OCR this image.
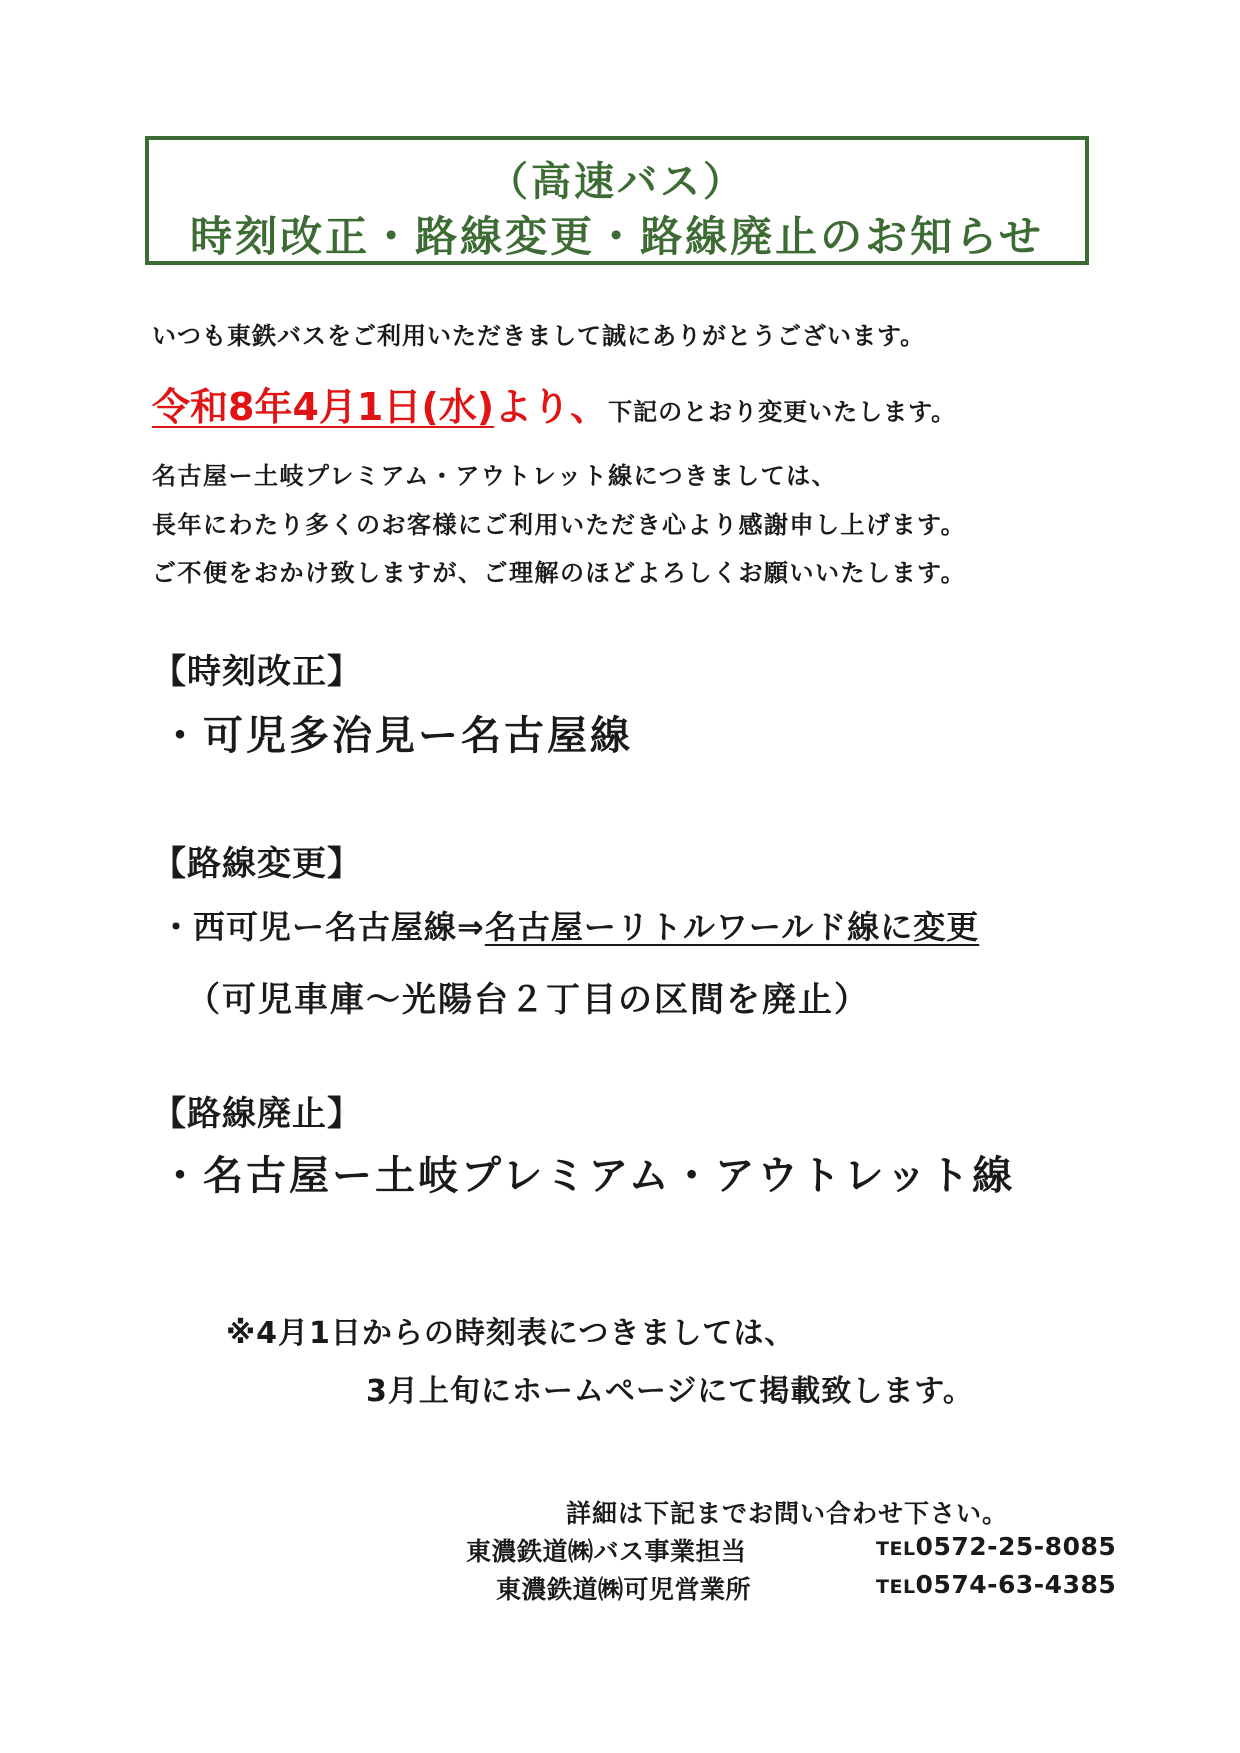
（高速バス）
時刻改正・路線変更・路線廃止のお知らせ
いつも東鉄バスをご利用いただきまして誠にありがとうございます。
令和8年4月1日(水)より、下記のとおり変更いたします。
名古屋ー土岐プレミアム・アウトレット線につきましては、
長年にわたり多くのお客様にご利用いただき心より感謝申し上げます。
ご不便をおかけ致しますが、ご理解のほどよろしくお願いいたします。
【時刻改正】
・可児多治見ー名古屋線
【路線変更】
・西可児ー名古屋線⇒名古屋ーリトルワールド線に変更
（可児車庫～光陽台２丁目の区間を廃止）
【路線廃止】
・名古屋ー土岐プレミアム・アウトレット線
※4月1日からの時刻表につきましては、
3月上旬にホームページにて掲載致します。
詳細は下記までお問い合わせ下さい。
東濃鉄道㈱バス事業担当	TEL0572-25-8085
東濃鉄道㈱可児営業所	TEL0574-63-4385
